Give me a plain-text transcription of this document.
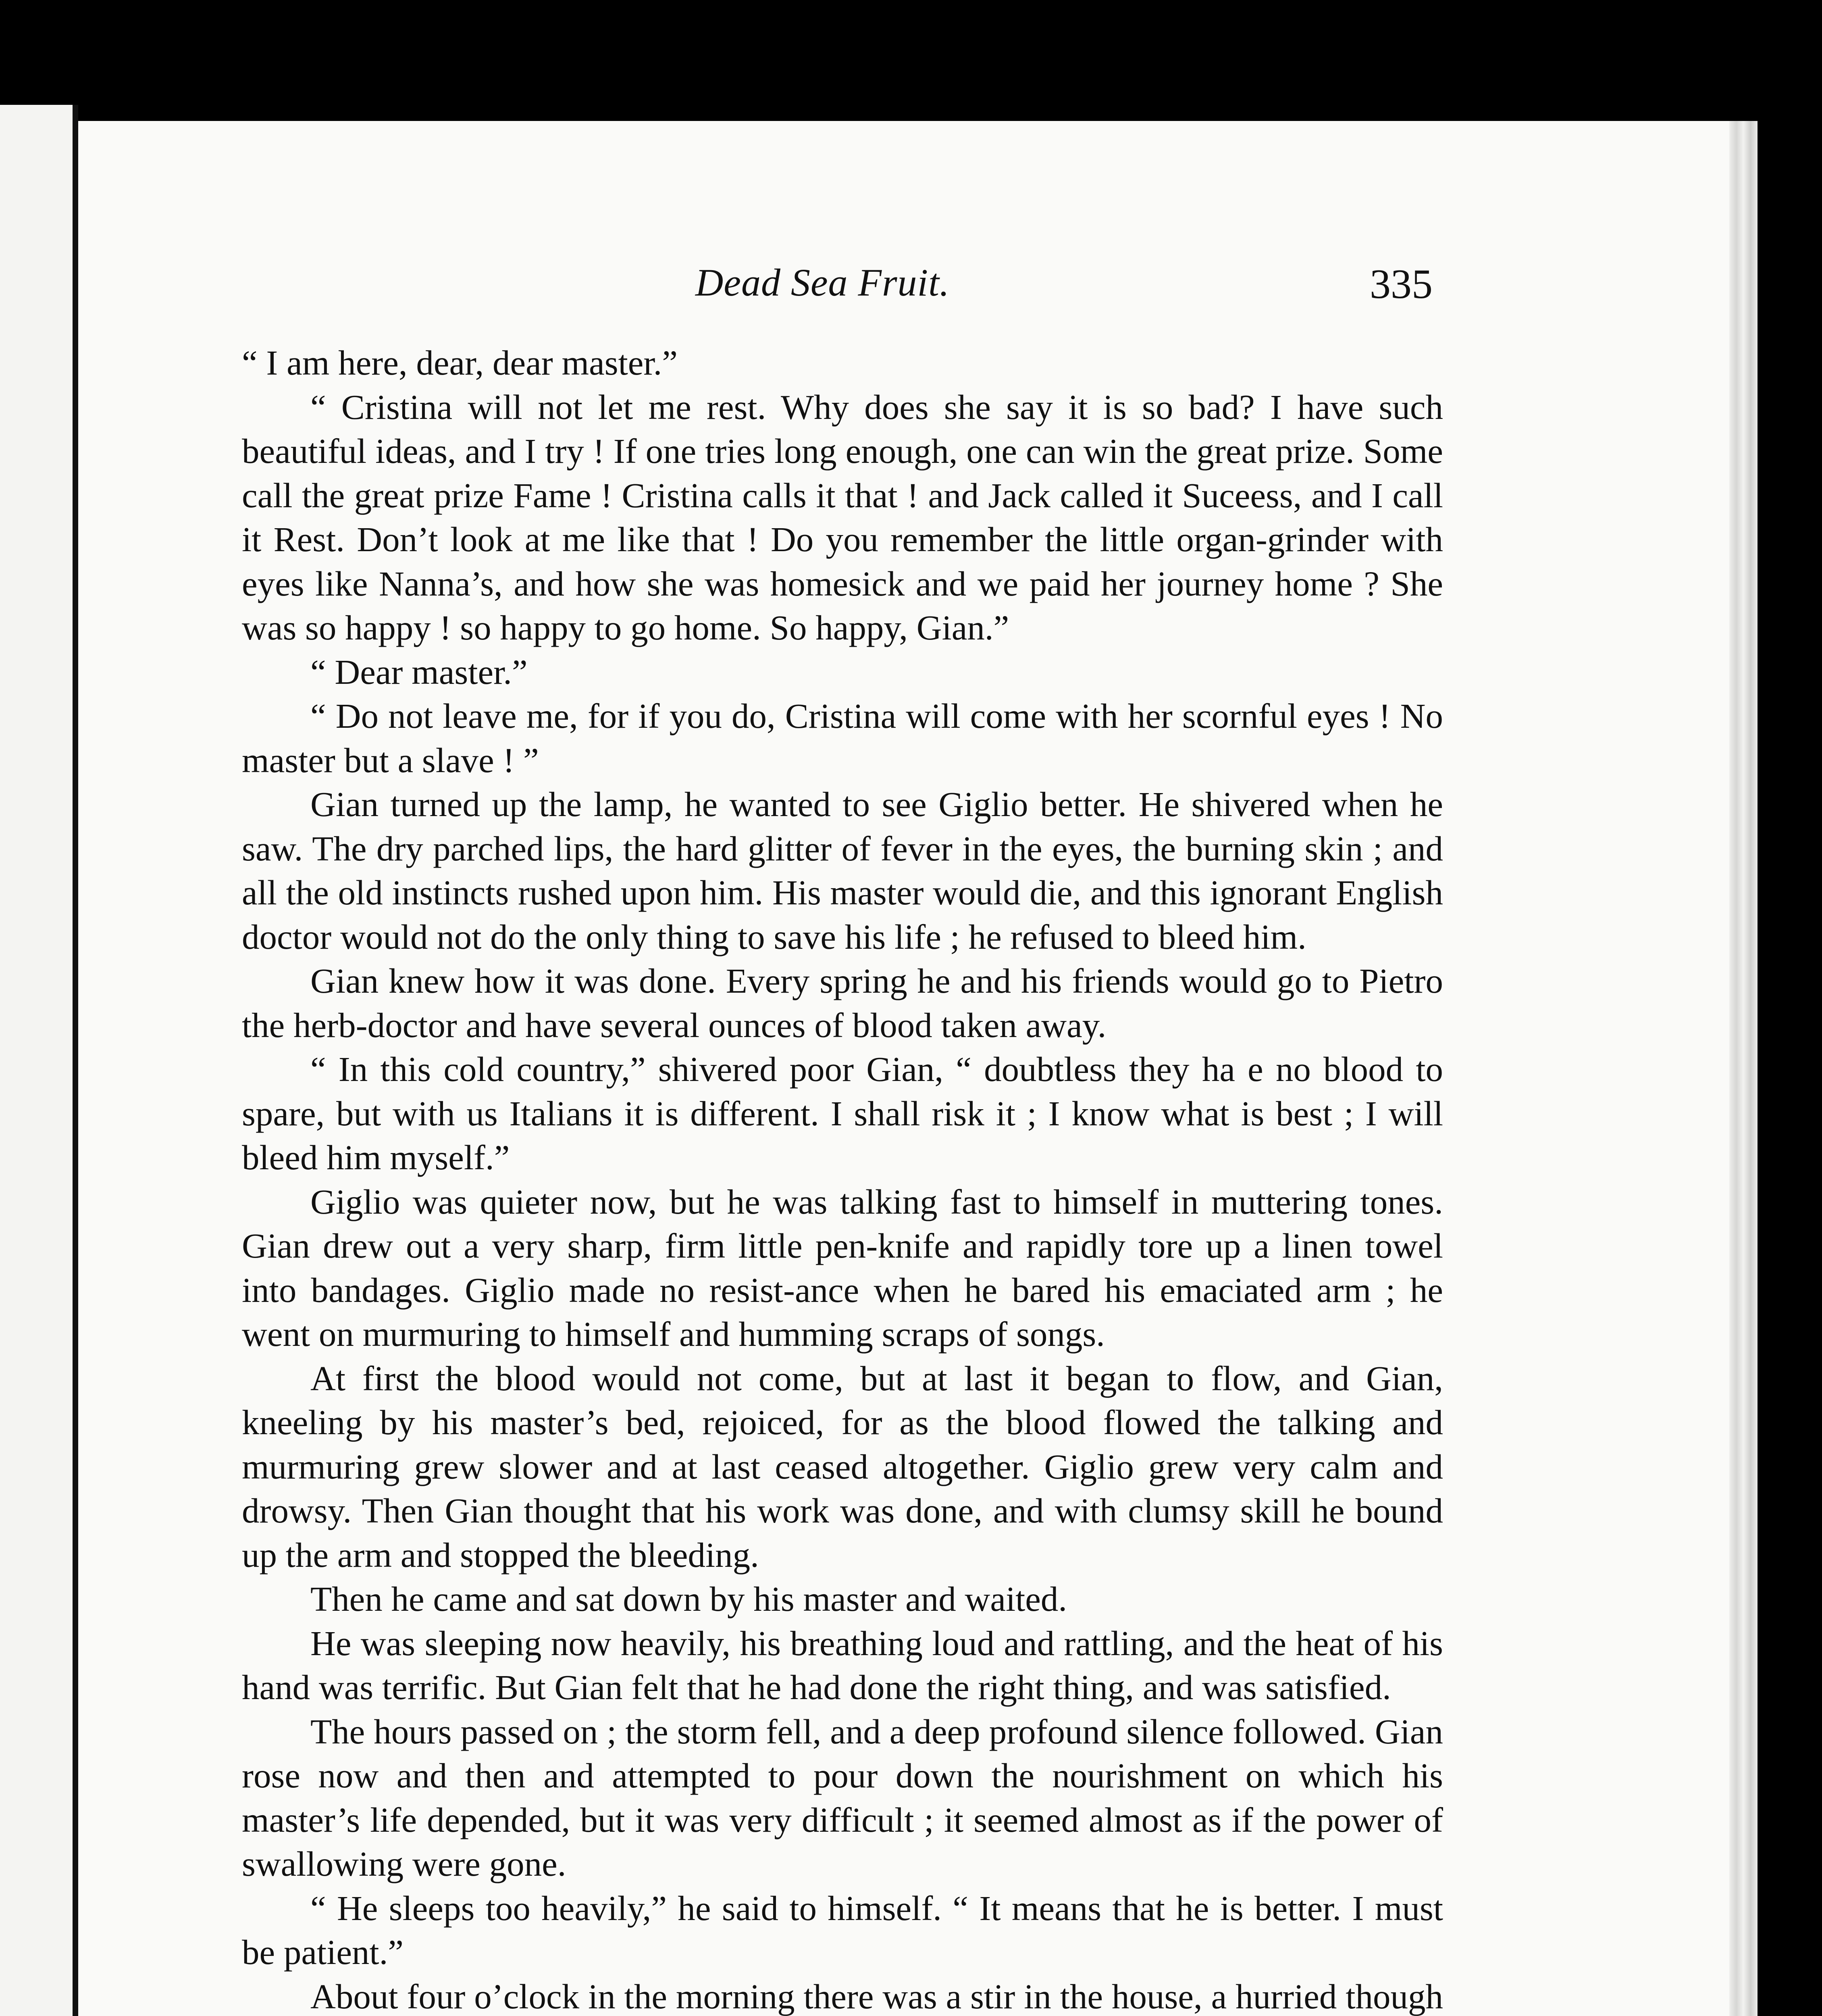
Dead Sea Fruit.	335

“ I am here, dear, dear master.”

“ Cristina will not let me rest. Why does she say it is so bad? I have such beautiful ideas, and I try ! If one tries long enough, one can win the great prize. Some call the great prize Fame ! Cristina calls it that ! and Jack called it Suceess, and I call it Rest. Don’t look at me like that ! Do you remember the little organ-grinder with eyes like Nanna’s, and how she was homesick and we paid her journey home ? She was so happy ! so happy to go home. So happy, Gian.”

“ Dear master.”

“ Do not leave me, for if you do, Cristina will come with her scornful eyes ! No master but a slave ! ”

Gian turned up the lamp, he wanted to see Giglio better. He shivered when he saw. The dry parched lips, the hard glitter of fever in the eyes, the burning skin ; and all the old instincts rushed upon him. His master would die, and this ignorant English doctor would not do the only thing to save his life ; he refused to bleed him.

Gian knew how it was done. Every spring he and his friends would go to Pietro the herb-doctor and have several ounces of blood taken away.

“ In this cold country,” shivered poor Gian, “ doubtless they ha e no blood to spare, but with us Italians it is different. I shall risk it ; I know what is best ; I will bleed him myself.”

Giglio was quieter now, but he was talking fast to himself in muttering tones. Gian drew out a very sharp, firm little pen-knife and rapidly tore up a linen towel into bandages. Giglio made no resist-ance when he bared his emaciated arm ; he went on murmuring to himself and humming scraps of songs.

At first the blood would not come, but at last it began to flow, and Gian, kneeling by his master’s bed, rejoiced, for as the blood flowed the talking and murmuring grew slower and at last ceased altogether. Giglio grew very calm and drowsy. Then Gian thought that his work was done, and with clumsy skill he bound up the arm and stopped the bleeding.

Then he came and sat down by his master and waited.

He was sleeping now heavily, his breathing loud and rattling, and the heat of his hand was terrific. But Gian felt that he had done the right thing, and was satisfied.

The hours passed on ; the storm fell, and a deep profound silence followed. Gian rose now and then and attempted to pour down the nourishment on which his master’s life depended, but it was very difficult ; it seemed almost as if the power of swallowing were gone.

“ He sleeps too heavily,” he said to himself. “ It means that he is better. I must be patient.”

About four o’clock in the morning there was a stir in the house, a hurried though
